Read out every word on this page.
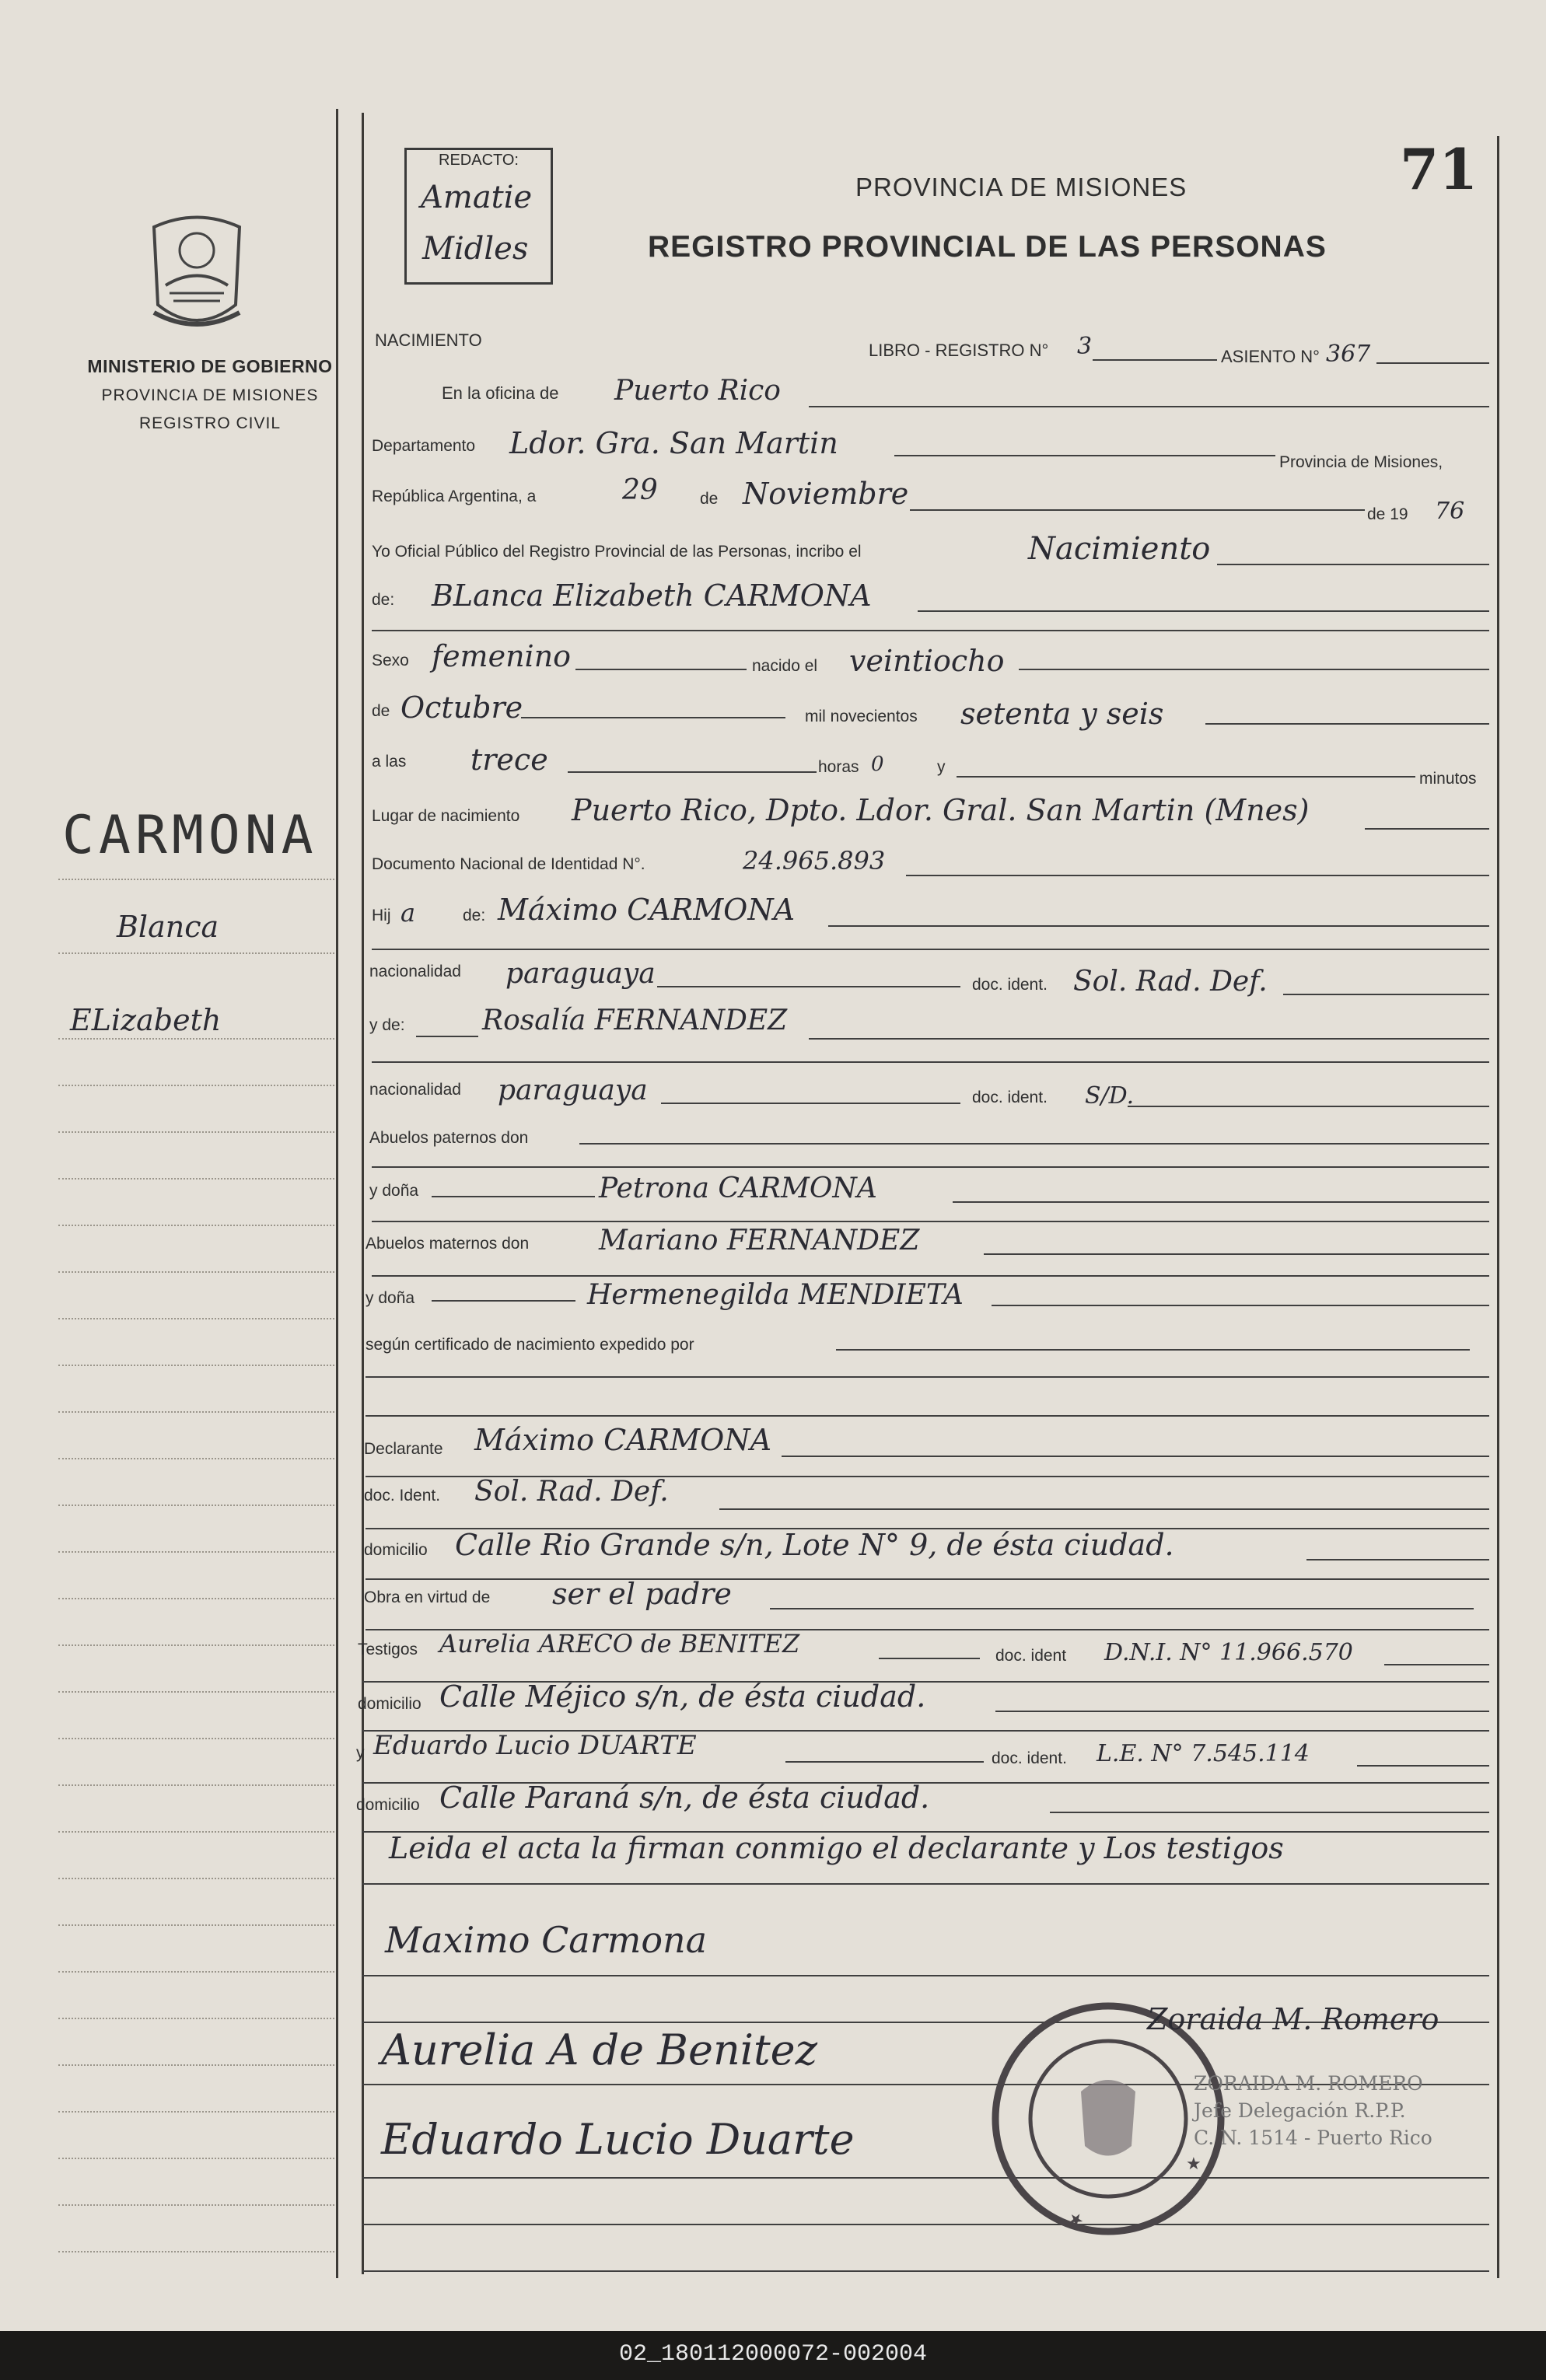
MINISTERIO DE GOBIERNO
PROVINCIA DE MISIONES
REGISTRO CIVIL
CARMONA
Blanca
ELizabeth
REDACTO:
Amatie
Midles
PROVINCIA DE MISIONES
REGISTRO PROVINCIAL DE LAS PERSONAS
71
NACIMIENTO
LIBRO - REGISTRO N° 3	ASIENTO N° 367
En la oficina de Puerto Rico
Departamento Ldor. Gra. San Martin
Provincia de Misiones,
República Argentina, a	29	de Noviembre
de 19 76
Yo Oficial Público del Registro Provincial de las Personas, incribo el	Nacimiento
de: BLanca Elizabeth CARMONA
Sexo femenino	nacido el veintiocho
de Octubre	mil novecientos setenta y seis
a las trece	horas 0	y
minutos
Lugar de nacimiento Puerto Rico, Dpto. Ldor. Gral. San Martin (Mnes)
Documento Nacional de Identidad N°.	24.965.893
Hij a	de: Máximo CARMONA
nacionalidad paraguaya	doc. ident. Sol. Rad. Def.
y de:	Rosalía FERNANDEZ
nacionalidad paraguaya	doc. ident. S/D.
Abuelos paternos don
y doña	Petrona CARMONA
Abuelos maternos don Mariano FERNANDEZ
y doña	Hermenegilda MENDIETA
según certificado de nacimiento expedido por
Declarante Máximo CARMONA
doc. Ident. Sol. Rad. Def.
domicilio Calle Rio Grande s/n, Lote N° 9, de ésta ciudad.
Obra en virtud de ser el padre
Testigos Aurelia ARECO de BENITEZ	doc. ident D.N.I. N° 11.966.570
domicilio Calle Méjico s/n, de ésta ciudad.
y Eduardo Lucio DUARTE	doc. ident. L.E. N° 7.545.114
domicilio Calle Paraná s/n, de ésta ciudad.
Leida el acta la firman conmigo el declarante y Los testigos
Maximo Carmona
Aurelia A de Benitez
Eduardo Lucio Duarte
★
★
Zoraida M. Romero
ZORAIDA M. ROMERO
Jefe Delegación R.P.P.
C. N. 1514 - Puerto Rico
02_180112000072-002004
